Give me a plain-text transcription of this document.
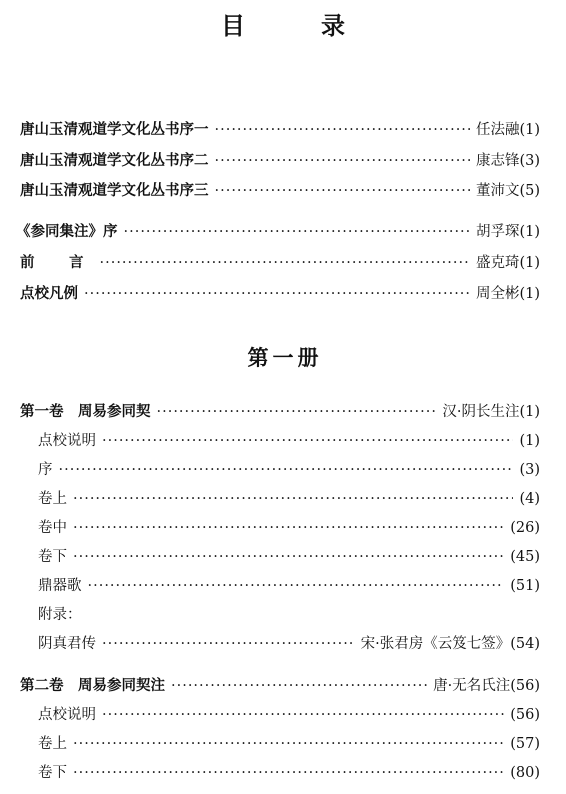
目　录
唐山玉清观道学文化丛书序一 ·····	任法融 (1)
唐山玉清观道学文化丛书序二 ·····	康志锋 (3)
唐山玉清观道学文化丛书序三 ·····	董沛文 (5)
《参同集注》序 ·····	胡孚琛 (1)
前　言 ·····	盛克琦 (1)
点校凡例 ·····	周全彬 (1)
第一册
第一卷　周易参同契 ·····	汉·阴长生注 (1)
点校说明 ·····	(1)
序 ·····	(3)
卷上 ·····	(4)
卷中 ·····	(26)
卷下 ·····	(45)
鼎器歌 ·····	(51)
附录：
阴真君传 ·····	宋·张君房《云笈七签》 (54)
第二卷　周易参同契注 ·····	唐·无名氏注 (56)
点校说明 ·····	(56)
卷上 ·····	(57)
卷下 ·····	(80)
